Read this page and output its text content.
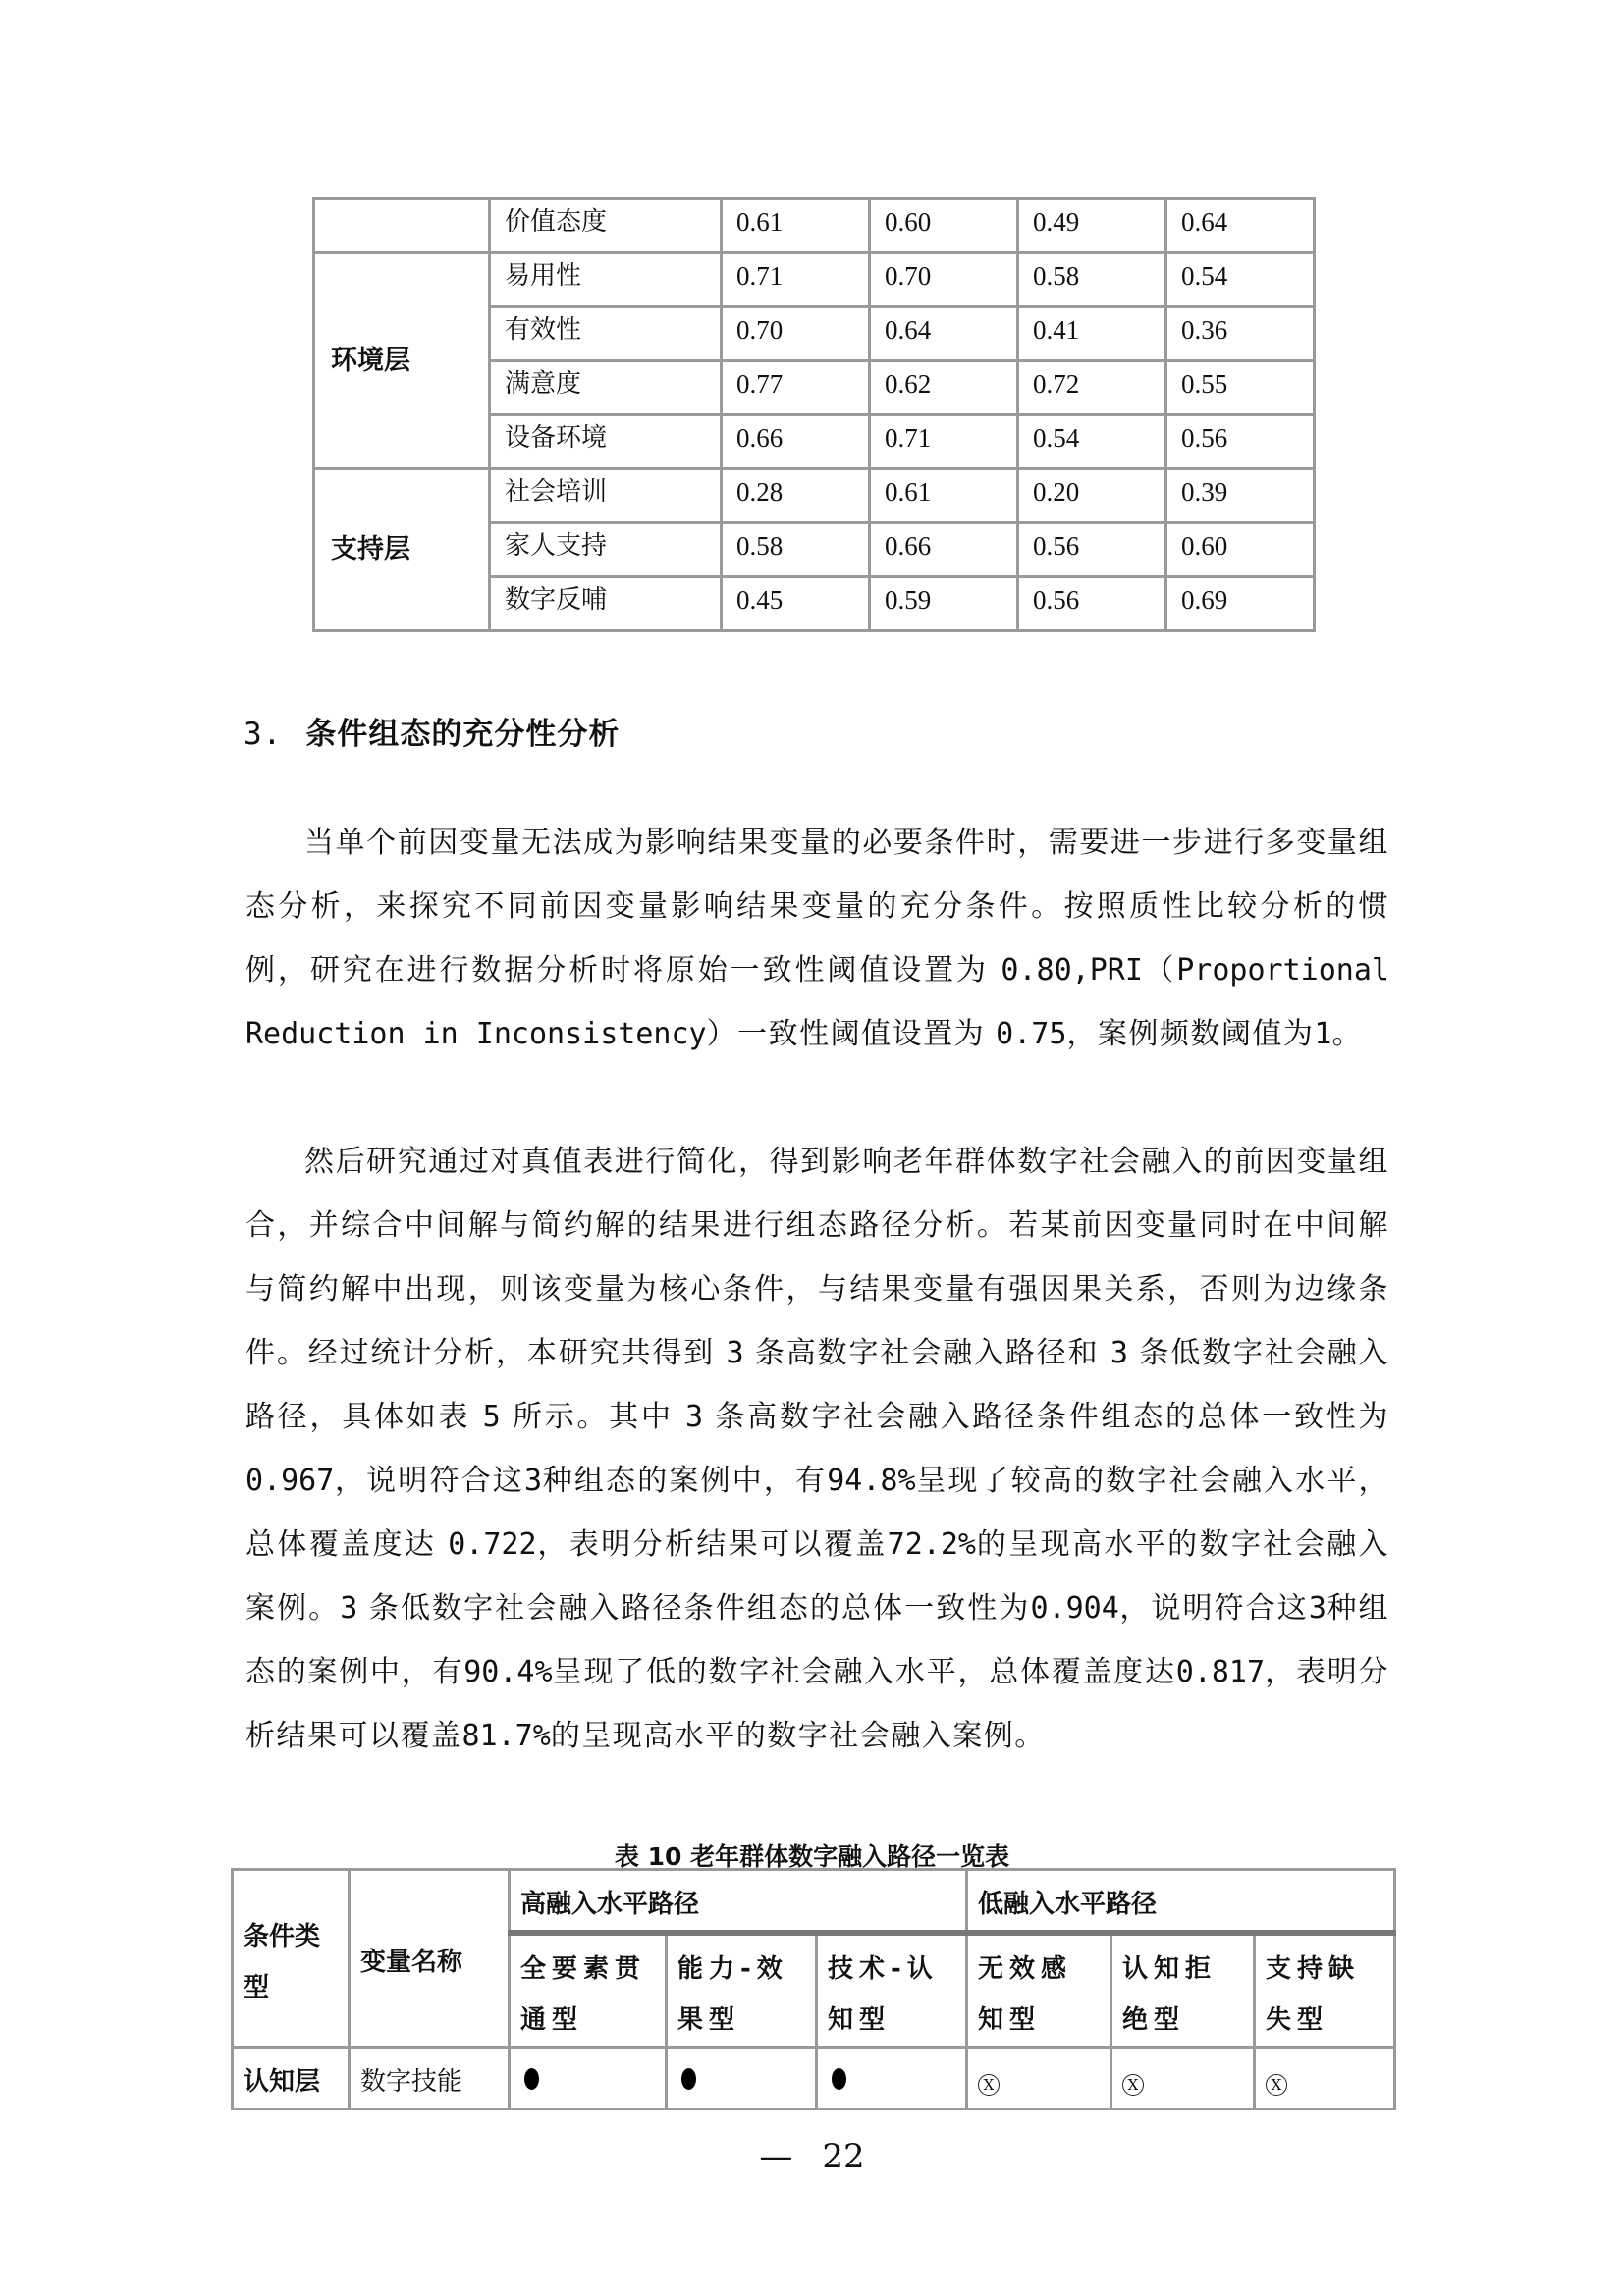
	价值态度	0.61	0.60	0.49	0.64
环境层	易用性	0.71	0.70	0.58	0.54
	有效性	0.70	0.64	0.41	0.36
	满意度	0.77	0.62	0.72	0.55
	设备环境	0.66	0.71	0.54	0.56
支持层	社会培训	0.28	0.61	0.20	0.39
	家人支持	0.58	0.66	0.56	0.60
	数字反哺	0.45	0.59	0.56	0.69
3. 条件组态的充分性分析

当单个前因变量无法成为影响结果变量的必要条件时，需要进一步进行多变量组态分析，来探究不同前因变量影响结果变量的充分条件。按照质性比较分析的惯例，研究在进行数据分析时将原始一致性阈值设置为 0.80,PRI（Proportional Reduction in Inconsistency）一致性阈值设置为 0.75，案例频数阈值为1。

然后研究通过对真值表进行简化，得到影响老年群体数字社会融入的前因变量组合，并综合中间解与简约解的结果进行组态路径分析。若某前因变量同时在中间解与简约解中出现，则该变量为核心条件，与结果变量有强因果关系，否则为边缘条件。经过统计分析，本研究共得到 3 条高数字社会融入路径和 3 条低数字社会融入路径，具体如表 5 所示。其中 3 条高数字社会融入路径条件组态的总体一致性为0.967，说明符合这3种组态的案例中，有94.8%呈现了较高的数字社会融入水平，总体覆盖度达 0.722，表明分析结果可以覆盖72.2%的呈现高水平的数字社会融入案例。3 条低数字社会融入路径条件组态的总体一致性为0.904，说明符合这3种组态的案例中，有90.4%呈现了低的数字社会融入水平，总体覆盖度达0.817，表明分析结果可以覆盖81.7%的呈现高水平的数字社会融入案例。

表 10 老年群体数字融入路径一览表
条件类型	变量名称	高融入水平路径			低融入水平路径		
		全要素贯通型	能力-效果型	技术-认知型	无效感知型	认知拒绝型	支持缺失型
认知层	数字技能				X	X	X
— 22
